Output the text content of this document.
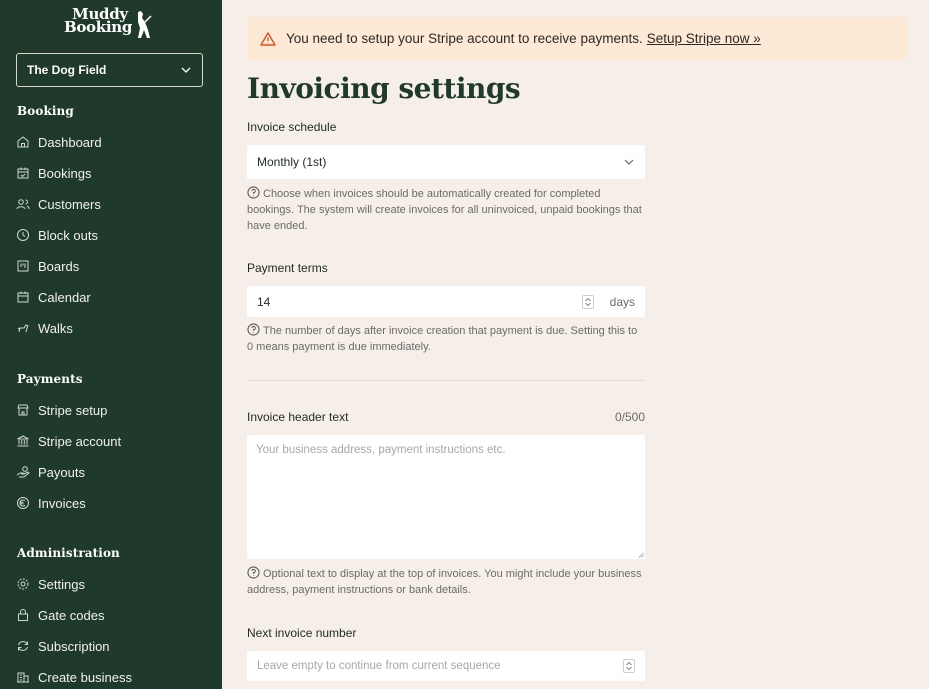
Muddy
Booking
The Dog Field
Booking
Dashboard
Bookings
Customers
Block outs
Boards
Calendar
Walks
Payments
Stripe setup
Stripe account
Payouts
Invoices
Administration
Settings
Gate codes
Subscription
Create business
You need to setup your Stripe account to receive payments. Setup Stripe now »
Invoicing settings
Invoice schedule
Monthly (1st)
Choose when invoices should be automatically created for completed bookings. The system will create invoices for all uninvoiced, unpaid bookings that have ended.
Payment terms
14	days
The number of days after invoice creation that payment is due. Setting this to 0 means payment is due immediately.
Invoice header text	0/500
Your business address, payment instructions etc.
Optional text to display at the top of invoices. You might include your business address, payment instructions or bank details.
Next invoice number
Leave empty to continue from current sequence
